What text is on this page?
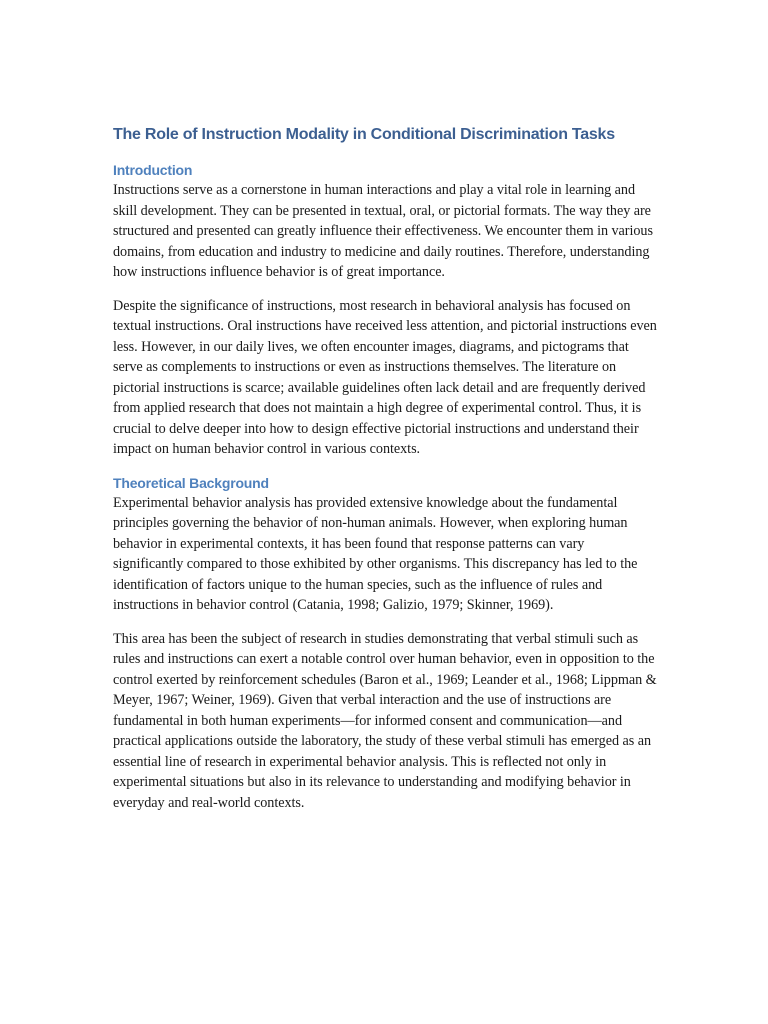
The Role of Instruction Modality in Conditional Discrimination Tasks
Introduction

Instructions serve as a cornerstone in human interactions and play a vital role in learning and skill development. They can be presented in textual, oral, or pictorial formats. The way they are structured and presented can greatly influence their effectiveness. We encounter them in various domains, from education and industry to medicine and daily routines. Therefore, understanding how instructions influence behavior is of great importance.

Despite the significance of instructions, most research in behavioral analysis has focused on textual instructions. Oral instructions have received less attention, and pictorial instructions even less. However, in our daily lives, we often encounter images, diagrams, and pictograms that serve as complements to instructions or even as instructions themselves. The literature on pictorial instructions is scarce; available guidelines often lack detail and are frequently derived from applied research that does not maintain a high degree of experimental control. Thus, it is crucial to delve deeper into how to design effective pictorial instructions and understand their impact on human behavior control in various contexts.

Theoretical Background

Experimental behavior analysis has provided extensive knowledge about the fundamental principles governing the behavior of non-human animals. However, when exploring human behavior in experimental contexts, it has been found that response patterns can vary significantly compared to those exhibited by other organisms. This discrepancy has led to the identification of factors unique to the human species, such as the influence of rules and instructions in behavior control (Catania, 1998; Galizio, 1979; Skinner, 1969).

This area has been the subject of research in studies demonstrating that verbal stimuli such as rules and instructions can exert a notable control over human behavior, even in opposition to the control exerted by reinforcement schedules (Baron et al., 1969; Leander et al., 1968; Lippman & Meyer, 1967; Weiner, 1969). Given that verbal interaction and the use of instructions are fundamental in both human experiments—for informed consent and communication—and practical applications outside the laboratory, the study of these verbal stimuli has emerged as an essential line of research in experimental behavior analysis. This is reflected not only in experimental situations but also in its relevance to understanding and modifying behavior in everyday and real-world contexts.
